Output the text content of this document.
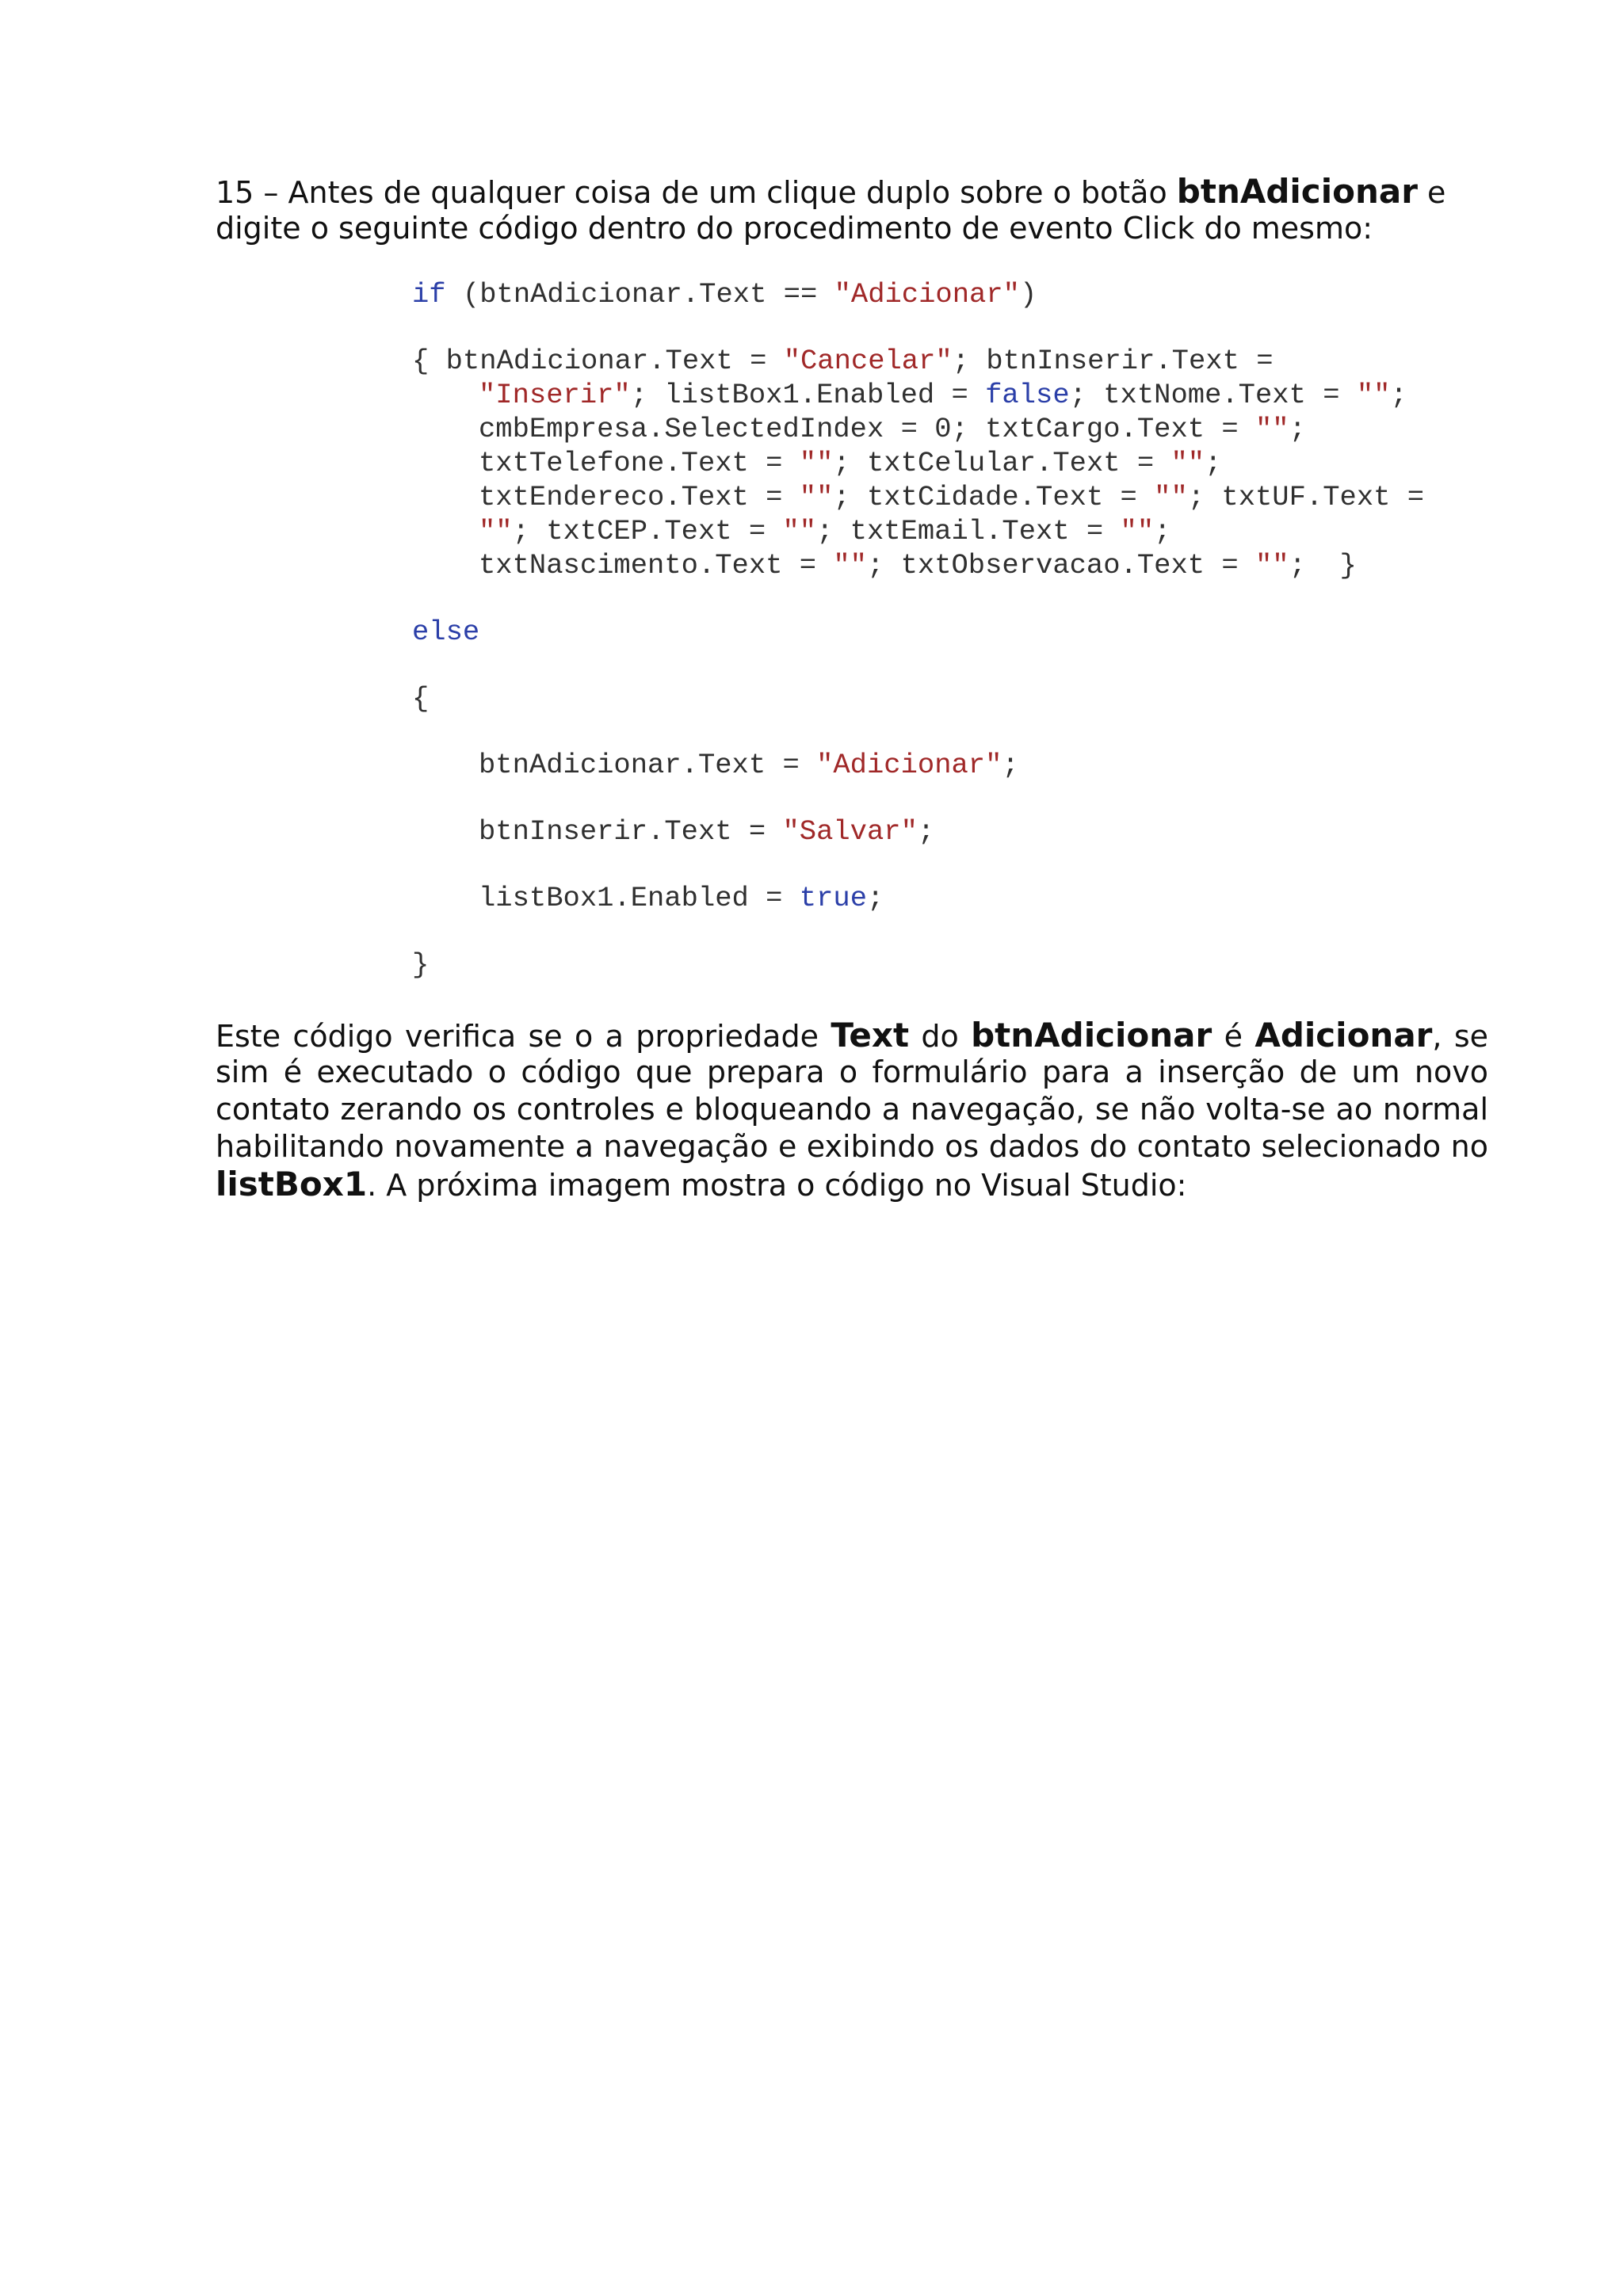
15 – Antes de qualquer coisa de um clique duplo sobre o botão btnAdicionar e
digite o seguinte código dentro do procedimento de evento Click do mesmo:

if (btnAdicionar.Text == "Adicionar")

{ btnAdicionar.Text = "Cancelar"; btnInserir.Text =

"Inserir"; listBox1.Enabled = false; txtNome.Text = "";

cmbEmpresa.SelectedIndex = 0; txtCargo.Text = "";

txtTelefone.Text = ""; txtCelular.Text = "";

txtEndereco.Text = ""; txtCidade.Text = ""; txtUF.Text =

""; txtCEP.Text = ""; txtEmail.Text = "";

txtNascimento.Text = ""; txtObservacao.Text = "";  }

else

{

btnAdicionar.Text = "Adicionar";

btnInserir.Text = "Salvar";

listBox1.Enabled = true;

}

Este código verifica se o a propriedade Text do btnAdicionar é Adicionar, se
sim é executado o código que prepara o formulário para a inserção de um novo
contato zerando os controles e bloqueando a navegação, se não volta-se ao normal
habilitando novamente a navegação e exibindo os dados do contato selecionado no
listBox1. A próxima imagem mostra o código no Visual Studio:
